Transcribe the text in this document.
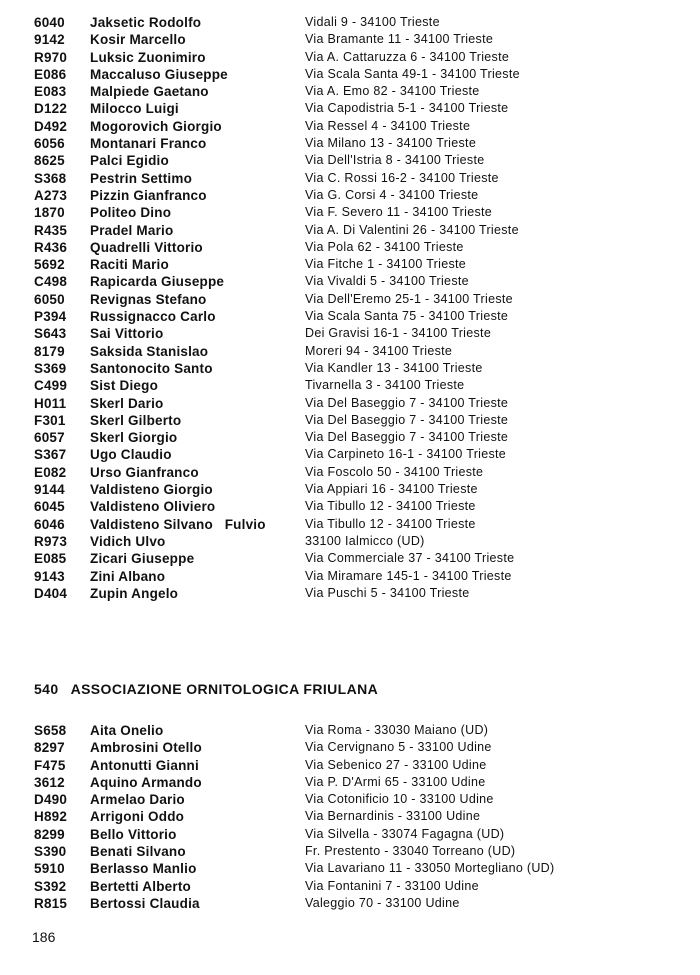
6040 Jaksetic Rodolfo	Vidali 9 - 34100 Trieste
9142 Kosir Marcello	Via Bramante 11 - 34100 Trieste
R970 Luksic Zuonimiro	Via A. Cattaruzza 6 - 34100 Trieste
E086 Maccaluso Giuseppe	Via Scala Santa 49-1 - 34100 Trieste
E083 Malpiede Gaetano	Via A. Emo 82 - 34100 Trieste
D122 Milocco Luigi	Via Capodistria 5-1 - 34100 Trieste
D492 Mogorovich Giorgio	Via Ressel 4 - 34100 Trieste
6056 Montanari Franco	Via Milano 13 - 34100 Trieste
8625 Palci Egidio	Via Dell'Istria 8 - 34100 Trieste
S368 Pestrin Settimo	Via C. Rossi 16-2 - 34100 Trieste
A273 Pizzin Gianfranco	Via G. Corsi 4 - 34100 Trieste
1870 Politeo Dino	Via F. Severo 11 - 34100 Trieste
R435 Pradel Mario	Via A. Di Valentini 26 - 34100 Trieste
R436 Quadrelli Vittorio	Via Pola 62 - 34100 Trieste
5692 Raciti Mario	Via Fitche 1 - 34100 Trieste
C498 Rapicarda Giuseppe	Via Vivaldi 5 - 34100 Trieste
6050 Revignas Stefano	Via Dell'Eremo 25-1 - 34100 Trieste
P394 Russignacco Carlo	Via Scala Santa 75 - 34100 Trieste
S643 Sai Vittorio	Dei Gravisi 16-1 - 34100 Trieste
8179 Saksida Stanislao	Moreri 94 - 34100 Trieste
S369 Santonocito Santo	Via Kandler 13 - 34100 Trieste
C499 Sist Diego	Tivarnella 3 - 34100 Trieste
H011 Skerl Dario	Via Del Baseggio 7 - 34100 Trieste
F301 Skerl Gilberto	Via Del Baseggio 7 - 34100 Trieste
6057 Skerl Giorgio	Via Del Baseggio 7 - 34100 Trieste
S367 Ugo Claudio	Via Carpineto 16-1 - 34100 Trieste
E082 Urso Gianfranco	Via Foscolo 50 - 34100 Trieste
9144 Valdisteno Giorgio	Via Appiari 16 - 34100 Trieste
6045 Valdisteno Oliviero	Via Tibullo 12 - 34100 Trieste
6046 Valdisteno Silvano   Fulvio	Via Tibullo 12 - 34100 Trieste
R973 Vidich Ulvo	33100 Ialmicco (UD)
E085 Zicari Giuseppe	Via Commerciale 37 - 34100 Trieste
9143 Zini Albano	Via Miramare 145-1 - 34100 Trieste
D404 Zupin Angelo	Via Puschi 5 - 34100 Trieste
540 ASSOCIAZIONE ORNITOLOGICA FRIULANA
S658 Aita Onelio	Via Roma - 33030 Maiano (UD)
8297 Ambrosini Otello	Via Cervignano 5 - 33100 Udine
F475 Antonutti Gianni	Via Sebenico 27 - 33100 Udine
3612 Aquino Armando	Via P. D'Armi 65 - 33100 Udine
D490 Armelao Dario	Via Cotonificio 10 - 33100 Udine
H892 Arrigoni Oddo	Via Bernardinis - 33100 Udine
8299 Bello Vittorio	Via Silvella - 33074 Fagagna (UD)
S390 Benati Silvano	Fr. Prestento - 33040 Torreano (UD)
5910 Berlasso Manlio	Via Lavariano 11 - 33050 Mortegliano (UD)
S392 Bertetti Alberto	Via Fontanini 7 - 33100 Udine
R815 Bertossi Claudia	Valeggio 70 - 33100 Udine
186
